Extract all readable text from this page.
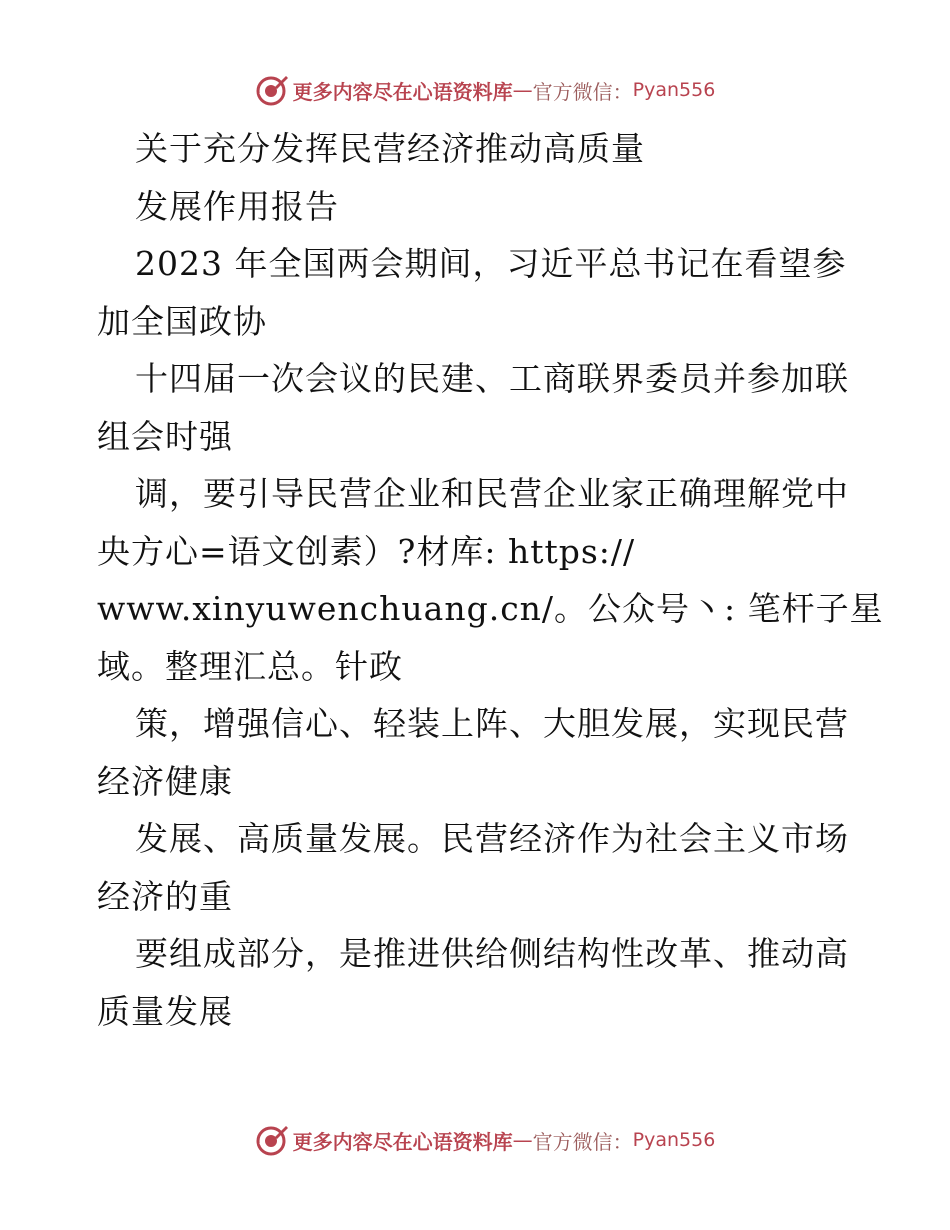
更多内容尽在心语资料库 — 官方微信： Pyan556
关于充分发挥民营经济推动高质量
发展作用报告
2023 年全国两会期间，习近平总书记在看望参
加全国政协
十四届一次会议的民建、工商联界委员并参加联
组会时强
调，要引导民营企业和民营企业家正确理解党中
央方心=语文创素）?材库: https://
www.xinyuwenchuang.cn/。公众号丶: 笔杆子星
域。整理汇总。针政
策，增强信心、轻装上阵、大胆发展，实现民营
经济健康
发展、高质量发展。民营经济作为社会主义市场
经济的重
要组成部分，是推进供给侧结构性改革、推动高
质量发展
更多内容尽在心语资料库 — 官方微信： Pyan556
